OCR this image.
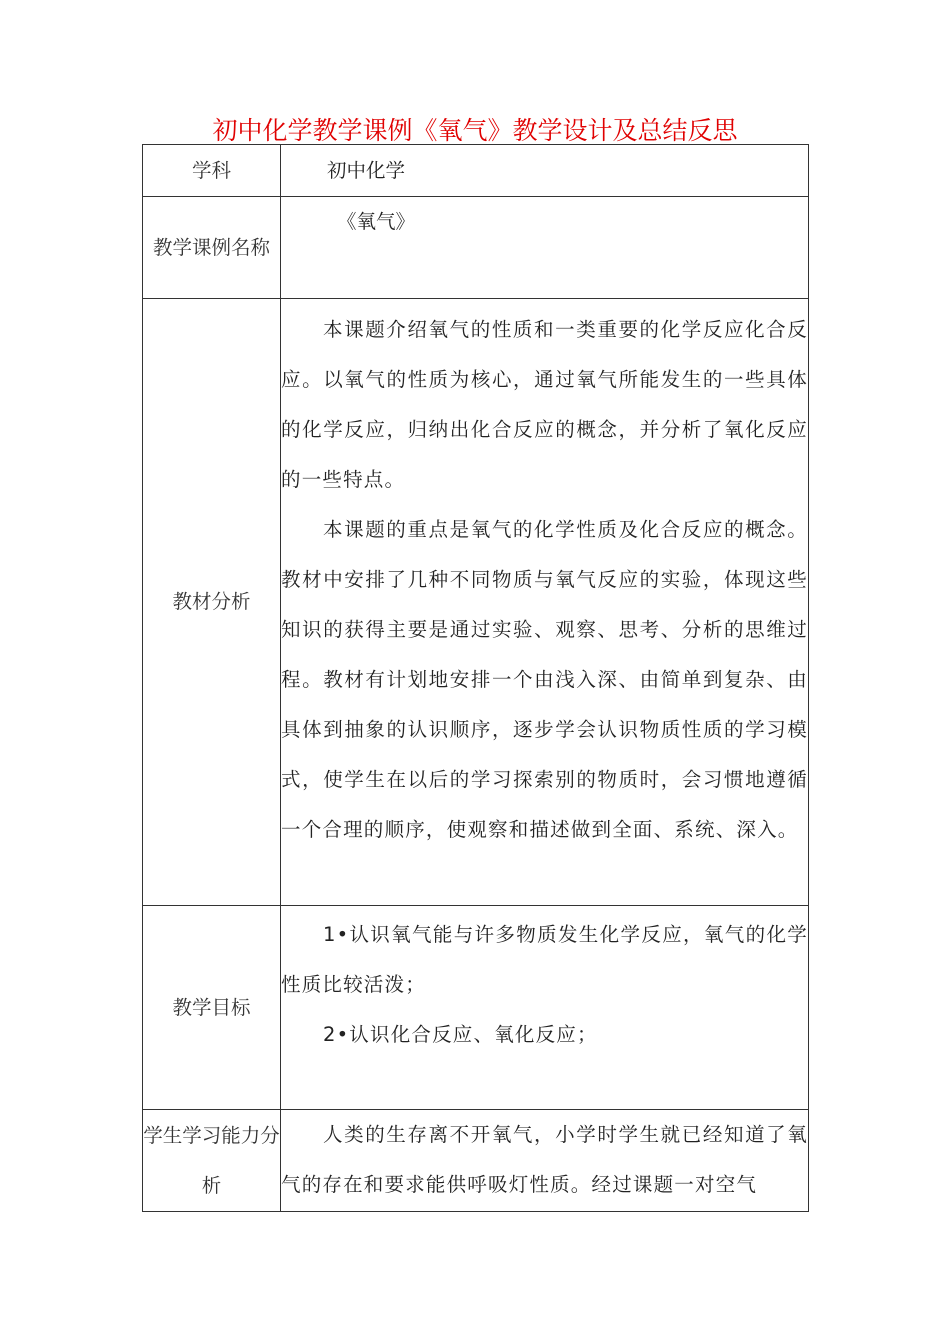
初中化学教学课例《氧气》教学设计及总结反思
学科	初中化学
教学课例名称	《氧气》

教材分析	本课题介绍氧气的性质和一类重要的化学反应化合反应。以氧气的性质为核心，通过氧气所能发生的一些具体的化学反应，归纳出化合反应的概念，并分析了氧化反应的一些特点。

本课题的重点是氧气的化学性质及化合反应的概念。教材中安排了几种不同物质与氧气反应的实验，体现这些知识的获得主要是通过实验、观察、思考、分析的思维过程。教材有计划地安排一个由浅入深、由简单到复杂、由具体到抽象的认识顺序，逐步学会认识物质性质的学习模式，使学生在以后的学习探索别的物质时，会习惯地遵循一个合理的顺序，使观察和描述做到全面、系统、深入。

教学目标	1•认识氧气能与许多物质发生化学反应，氧气的化学性质比较活泼；

2•认识化合反应、氧化反应；

学生学习能力分析	人类的生存离不开氧气，小学时学生就已经知道了氧气的存在和要求能供呼吸灯性质。经过课题一对空气
